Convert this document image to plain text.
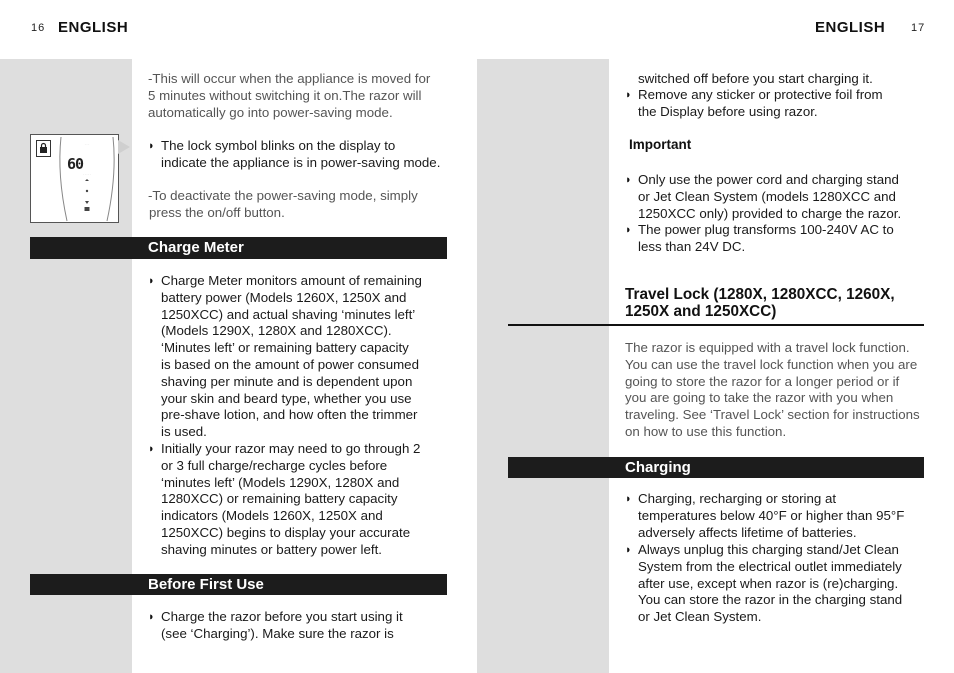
16 ENGLISH
· · ·
· · · · ·
60
-This will occur when the appliance is moved for
5 minutes without switching it on.The razor will
automatically go into power-saving mode.
◗ The lock symbol blinks on the display to
indicate the appliance is in power-saving mode.
-To deactivate the power-saving mode, simply
press the on/off button.
Charge Meter
◗ Charge Meter monitors amount of remaining
battery power (Models 1260X, 1250X and
1250XCC) and actual shaving ‘minutes left’
(Models 1290X, 1280X and 1280XCC).
‘Minutes left’ or remaining battery capacity
is based on the amount of power consumed
shaving per minute and is dependent upon
your skin and beard type, whether you use
pre-shave lotion, and how often the trimmer
is used.
◗ Initially your razor may need to go through 2
or 3 full charge/recharge cycles before
‘minutes left’ (Models 1290X, 1280X and
1280XCC) or remaining battery capacity
indicators (Models 1260X, 1250X and
1250XCC) begins to display your accurate
shaving minutes or battery power left.
Before First Use
◗ Charge the razor before you start using it
(see ‘Charging’). Make sure the razor is
ENGLISH 17
switched off before you start charging it.
◗ Remove any sticker or protective foil from
the Display before using razor.
Important
◗ Only use the power cord and charging stand
or Jet Clean System (models 1280XCC and
1250XCC only) provided to charge the razor.
◗ The power plug transforms 100-240V AC to
less than 24V DC.
Travel Lock (1280X, 1280XCC, 1260X,
1250X and 1250XCC)
The razor is equipped with a travel lock function.
You can use the travel lock function when you are
going to store the razor for a longer period or if
you are going to take the razor with you when
traveling. See ‘Travel Lock’ section for instructions
on how to use this function.
Charging
◗ Charging, recharging or storing at
temperatures below 40°F or higher than 95°F
adversely affects lifetime of batteries.
◗ Always unplug this charging stand/Jet Clean
System from the electrical outlet immediately
after use, except when razor is (re)charging.
You can store the razor in the charging stand
or Jet Clean System.
